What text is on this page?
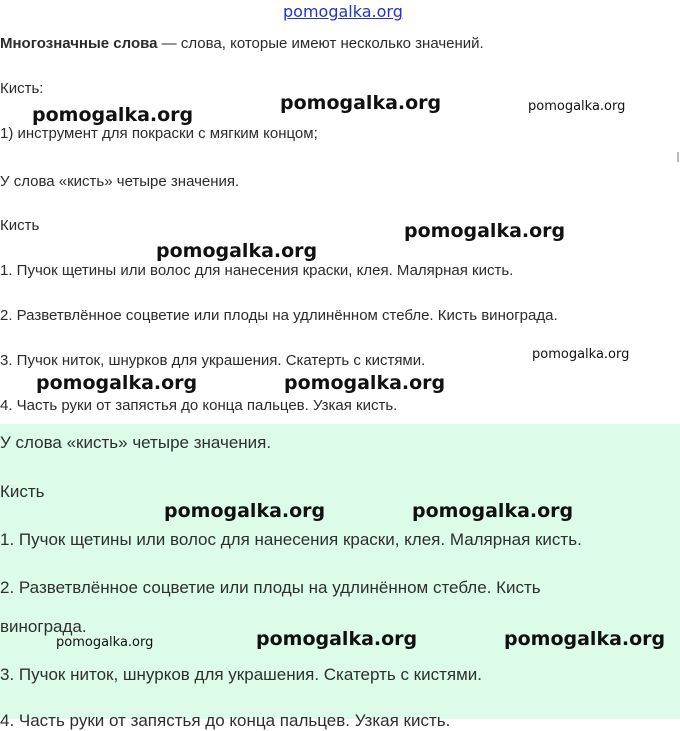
pomogalka.org
Многозначные слова — слова, которые имеют несколько значений.
Кисть:
1) инструмент для покраски с мягким концом;
У слова «кисть» четыре значения.
Кисть
1. Пучок щетины или волос для нанесения краски, клея. Малярная кисть.
2. Разветвлённое соцветие или плоды на удлинённом стебле. Кисть винограда.
3. Пучок ниток, шнурков для украшения. Скатерть с кистями.
4. Часть руки от запястья до конца пальцев. Узкая кисть.
У слова «кисть» четыре значения.
Кисть
1. Пучок щетины или волос для нанесения краски, клея. Малярная кисть.
2. Разветвлённое соцветие или плоды на удлинённом стебле. Кисть
винограда.
3. Пучок ниток, шнурков для украшения. Скатерть с кистями.
4. Часть руки от запястья до конца пальцев. Узкая кисть.
pomogalka.org
pomogalka.org	pomogalka.org
pomogalka.org
pomogalka.org
pomogalka.org
pomogalka.org	pomogalka.org
pomogalka.org	pomogalka.org
pomogalka.org	pomogalka.org	pomogalka.org
